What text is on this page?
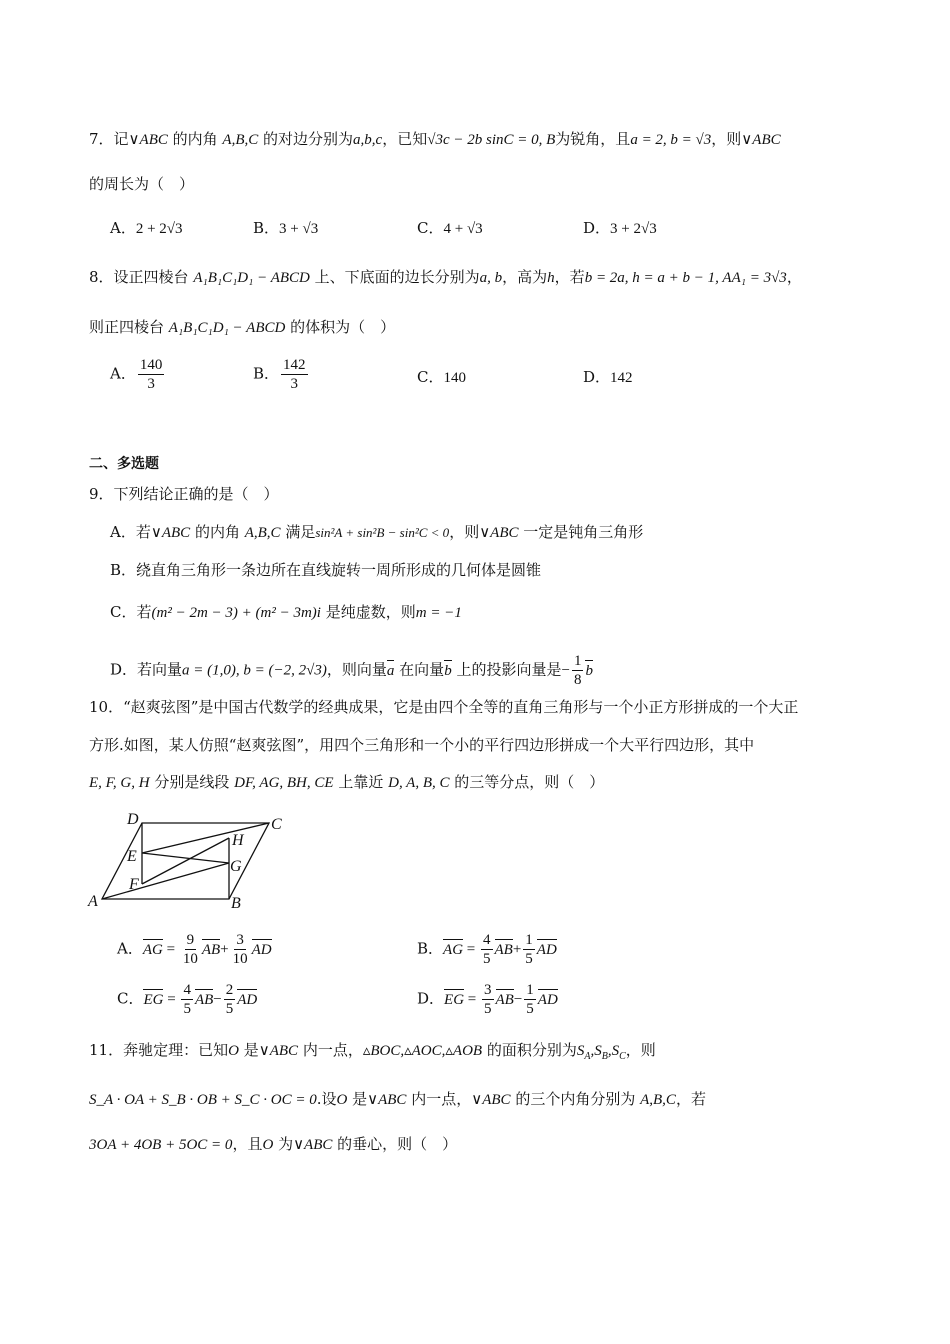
7．记∨ABC 的内角 A,B,C 的对边分别为a,b,c，已知√3c − 2b sinC = 0, B为锐角，且a = 2, b = √3，则∨ABC
的周长为（　）
A．2 + 2√3	B．3 + √3	C．4 + √3	D．3 + 2√3
8．设正四棱台 A₁B₁C₁D₁ − ABCD 上、下底面的边长分别为a, b，高为h，若b = 2a, h = a + b − 1, AA₁ = 3√3，
则正四棱台 A₁B₁C₁D₁ − ABCD 的体积为（　）
A． $\frac{140}{3}$	B． $\frac{142}{3}$	C．140	D．142
二、多选题
9．下列结论正确的是（　）
A．若∨ABC 的内角 A,B,C 满足sin²A + sin²B − sin²C < 0，则∨ABC 一定是钝角三角形
B．绕直角三角形一条边所在直线旋转一周所形成的几何体是圆锥
C．若(m² − 2m − 3) + (m² − 3m)i 是纯虚数，则m = −1
D．若向量a = (1,0), b = (−2, 2√3)，则向量a 在向量b 上的投影向量是− $\frac{1}{8}$ b
10．“赵爽弦图”是中国古代数学的经典成果，它是由四个全等的直角三角形与一个小正方形拼成的一个大正
方形.如图，某人仿照“赵爽弦图”，用四个三角形和一个小的平行四边形拼成一个大平行四边形，其中
E, F, G, H 分别是线段 DF, AG, BH, CE 上靠近 D, A, B, C 的三等分点，则（　）
D	C
E
H
G
F
A	B
A．AG = $\frac{9}{10} AB+ \frac{3}{10}$ AD	B．AG = $\frac{4}{5} AB+ \frac{1}{5}$ AD
C．EG = $\frac{4}{5} AB- \frac{2}{5}$ AD	D．EG = $\frac{3}{5} AB- \frac{1}{5}$ AD
11．奔驰定理：已知O 是∨ABC 内一点，▵BOC,▵AOC,▵AOB 的面积分别为$S_A,S_B,S_C$，则
S_A · OA + S_B · OB + S_C · OC = 0.设O 是∨ABC 内一点，∨ABC 的三个内角分别为 A,B,C，若
3OA + 4OB + 5OC = 0，且O 为∨ABC 的垂心，则（　）
